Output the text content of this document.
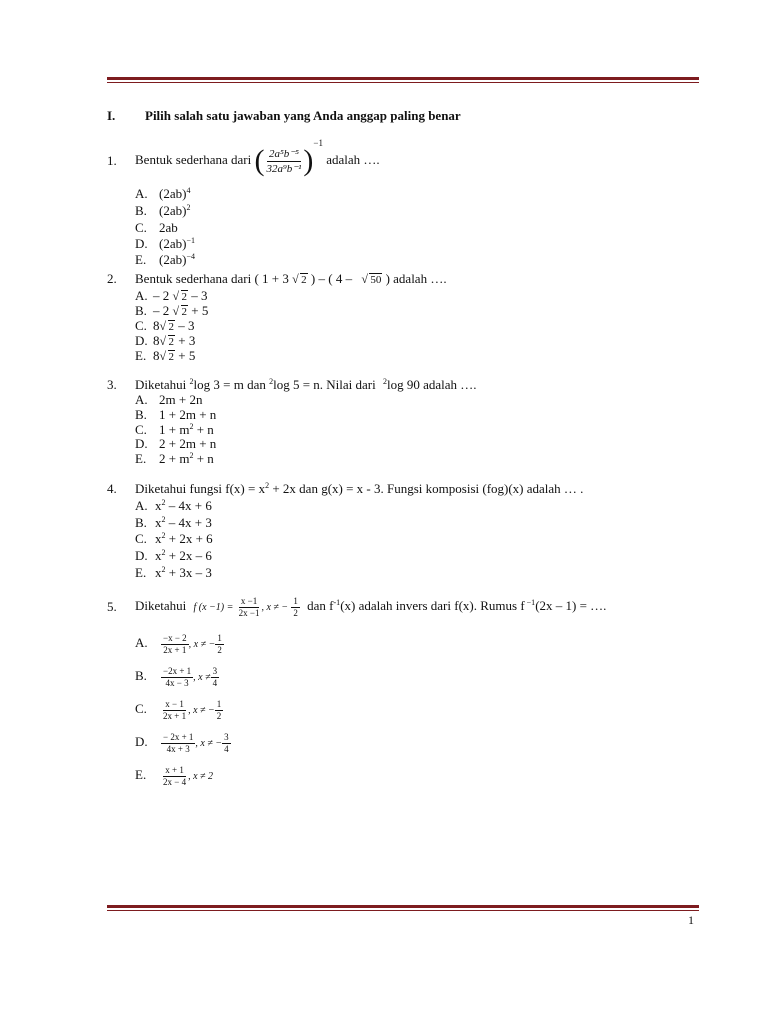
I. Pilih salah satu jawaban yang Anda anggap paling benar
1. Bentuk sederhana dari ( $\frac{\text{2a⁵b⁻⁵}}{\text{32a⁹b⁻¹}} )^{-1}$ adalah ….
A. $(2ab)^4$
B. $(2ab)^2$
C. 2ab
D. $(2ab)^{-1}$
E. $(2ab)^{-4}$
2. Bentuk sederhana dari ( 1 + 3 √ 2 ) – ( 4 – √ 50 ) adalah ….
A. – 2 √ 2 – 3
B. – 2 √ 2 + 5
C. 8 √ 2 – 3
D. 8 √ 2 + 3
E. 8 √ 2 + 5
3. Diketahui $^2$log 3 = m dan $^2$log 5 = n. Nilai dari $^2$log 90 adalah ….
A. 2m + 2n
B. 1 + 2m + n
C. $1 + m^2 + n$
D. 2 + 2m + n
E. $2 + m^2 + n$
4. Diketahui fungsi $f(x) = x^2 + 2x$ dan g(x) = x - 3. Fungsi komposisi (fog)(x) adalah … .
A. $x^2 - 4x + 6$
B. $x^2 - 4x + 3$
C. $x^2 + 2x + 6$
D. $x^2 + 2x - 6$
E. $x^2 + 3x - 3$
5. Diketahui f $(x -1) = \frac{x -1}{2x -1}$ , x ≠ − $\frac{1}{2}$ dan $f^{-1}(x)$ adalah invers dari f(x). Rumus f $^{-1}$(2x – 1) = ….
A. $\frac{-x - 2}{2x + 1}$ , x ≠ − $\frac{1}{2}$
B. $\frac{-2x + 1}{4x - 3}$ , $x \ne \frac{3}{4}$
C. $\frac{x - 1}{2x + 1}$ , x ≠ − $\frac{1}{2}$
D. $\frac{- 2x + 1}{4x + 3}$ , x ≠ − $\frac{3}{4}$
E. $\frac{x + 1}{2x - 4}$ , x ≠ 2
1
